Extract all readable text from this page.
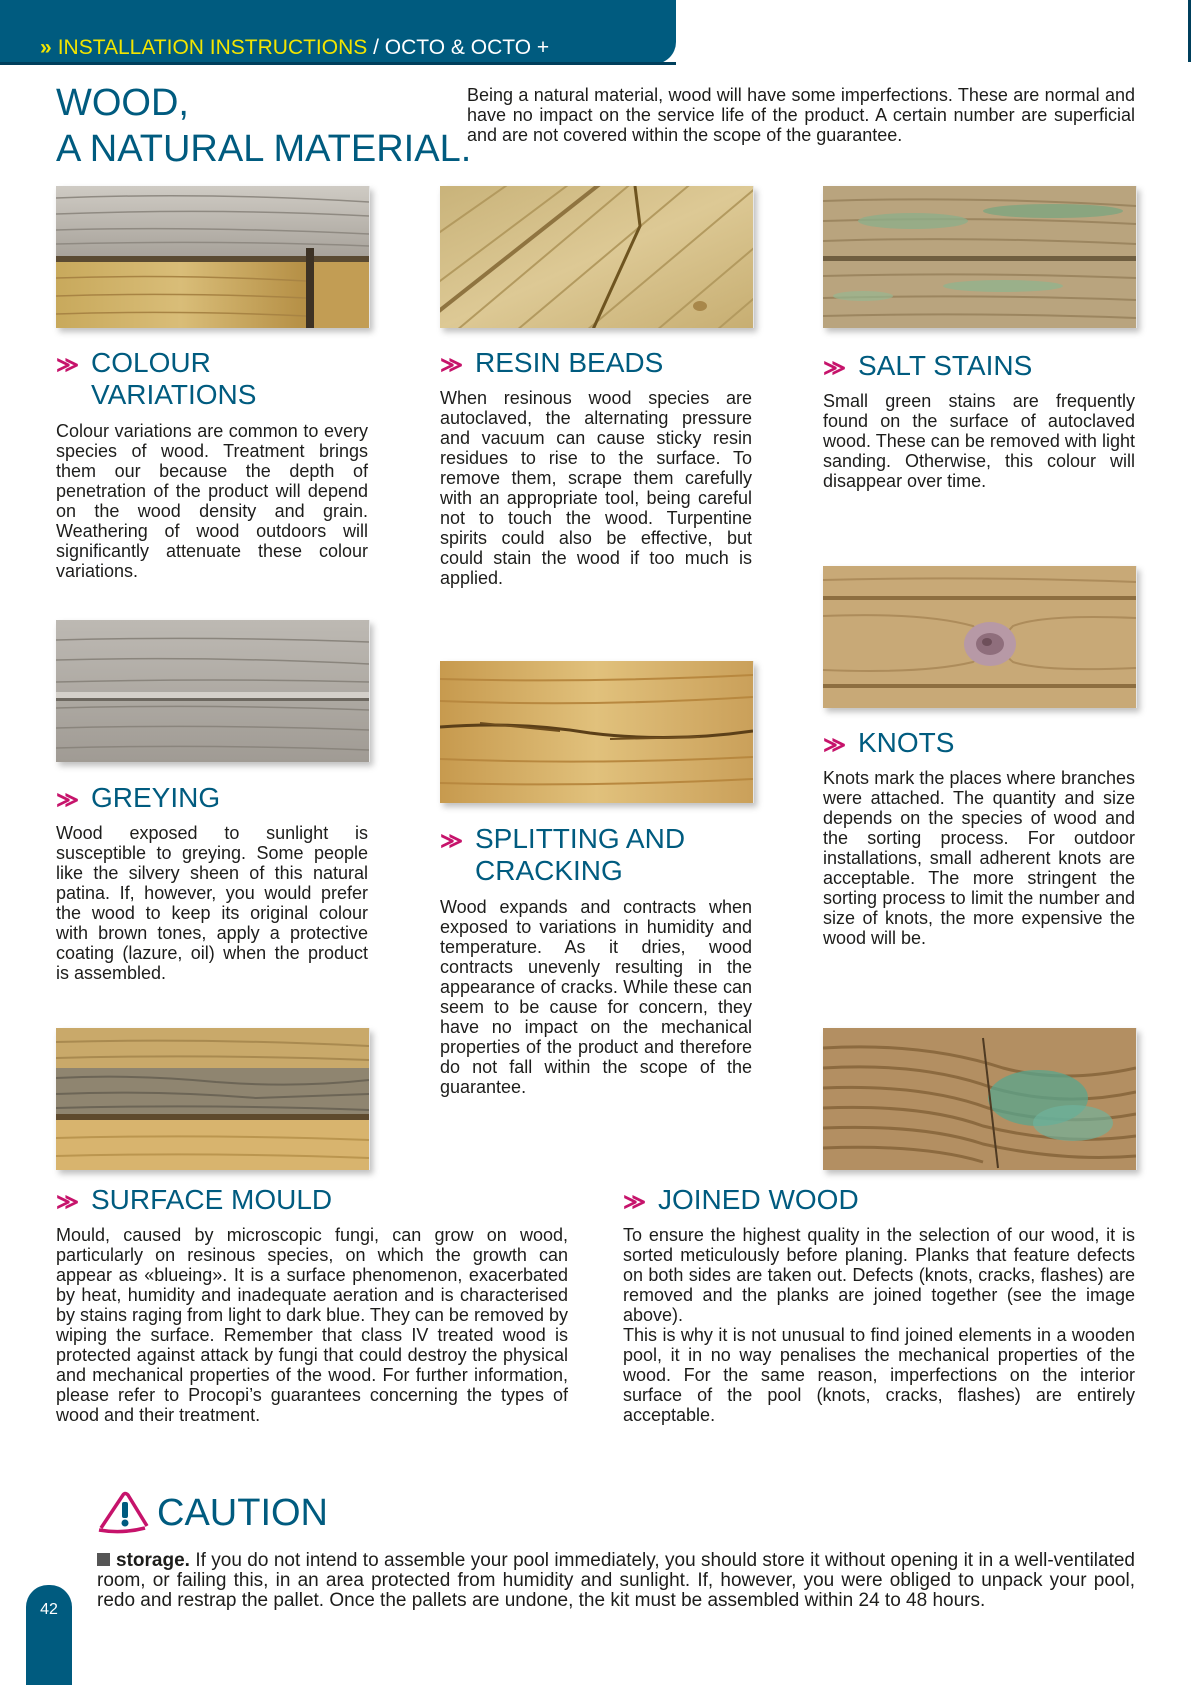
» INSTALLATION INSTRUCTIONS / OCTO & OCTO +
WOOD,
A NATURAL MATERIAL.
Being a natural material, wood will have some imperfections. These are normal and have no impact on the service life of the product. A certain number are superficial and are not covered within the scope of the guarantee.
≫ COLOUR
VARIATIONS
Colour variations are common to every species of wood. Treatment brings them our because the depth of penetration of the product will depend on the wood density and grain. Weathering of wood outdoors will significantly attenuate these colour variations.
≫ RESIN BEADS
When resinous wood species are autoclaved, the alternating pressure and vacuum can cause sticky resin residues to rise to the surface. To remove them, scrape them carefully with an appropriate tool, being careful not to touch the wood. Turpentine spirits could also be effective, but could stain the wood if too much is applied.
≫ SALT STAINS
Small green stains are frequently found on the surface of autoclaved wood. These can be removed with light sanding. Otherwise, this colour will disappear over time.
≫ GREYING
Wood exposed to sunlight is susceptible to greying. Some people like the silvery sheen of this natural patina. If, however, you would prefer the wood to keep its original colour with brown tones, apply a protective coating (lazure, oil) when the product is assembled.
≫ SPLITTING AND
CRACKING
Wood expands and contracts when exposed to variations in humidity and temperature. As it dries, wood contracts unevenly resulting in the appearance of cracks. While these can seem to be cause for concern, they have no impact on the mechanical properties of the product and therefore do not fall within the scope of the guarantee.
≫ KNOTS
Knots mark the places where branches were attached. The quantity and size depends on the species of wood and the sorting process. For outdoor installations, small adherent knots are acceptable. The more stringent the sorting process to limit the number and size of knots, the more expensive the wood will be.
≫ SURFACE MOULD
Mould, caused by microscopic fungi, can grow on wood, particularly on resinous species, on which the growth can appear as «blueing». It is a surface phenomenon, exacerbated by heat, humidity and inadequate aeration and is characterised by stains raging from light to dark blue. They can be removed by wiping the surface. Remember that class IV treated wood is protected against attack by fungi that could destroy the physical and mechanical properties of the wood. For further information, please refer to Procopi’s guarantees concerning the types of wood and their treatment.
≫ JOINED WOOD
To ensure the highest quality in the selection of our wood, it is sorted meticulously before planing. Planks that feature defects on both sides are taken out. Defects (knots, cracks, flashes) are removed and the planks are joined together (see the image above).
This is why it is not unusual to find joined elements in a wooden pool, it in no way penalises the mechanical properties of the wood. For the same reason, imperfections on the interior surface of the pool (knots, cracks, flashes) are entirely acceptable.
CAUTION
storage. If you do not intend to assemble your pool immediately, you should store it without opening it in a well-ventilated room, or failing this, in an area protected from humidity and sunlight. If, however, you were obliged to unpack your pool, redo and restrap the pallet. Once the pallets are undone, the kit must be assembled within 24 to 48 hours.
42
